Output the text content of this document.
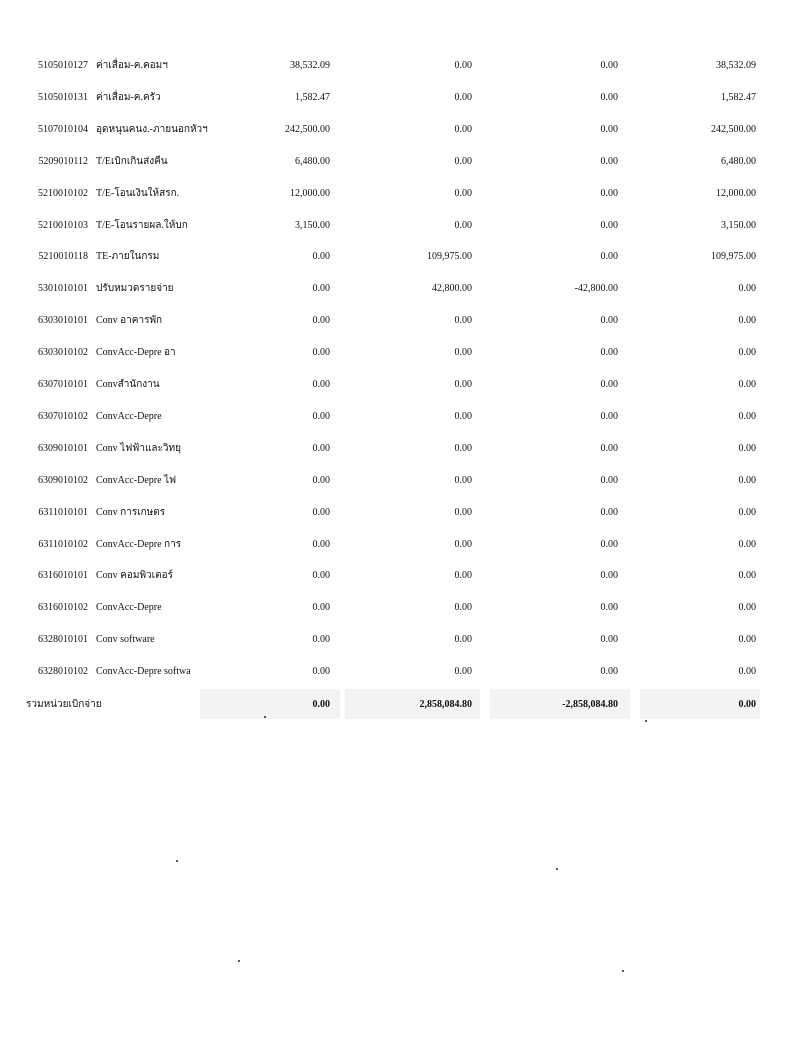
5105010127 ค่าเสื่อม-ค.คอมฯ	38,532.09	0.00	0.00	38,532.09
5105010131 ค่าเสื่อม-ค.ครัว	1,582.47	0.00	0.00	1,582.47
5107010104 อุดหนุนคนง.-ภายนอกหัวฯ	242,500.00	0.00	0.00	242,500.00
5209010112 T/Eเบิกเกินส่งคืน	6,480.00	0.00	0.00	6,480.00
5210010102 T/E-โอนเงินให้สรก.	12,000.00	0.00	0.00	12,000.00
5210010103 T/E-โอนรายผล.ให้บก	3,150.00	0.00	0.00	3,150.00
5210010118 TE-ภายในกรม	0.00	109,975.00	0.00	109,975.00
5301010101 ปรับหมวดรายจ่าย	0.00	42,800.00	-42,800.00	0.00
6303010101 Conv อาคารพัก	0.00	0.00	0.00	0.00
6303010102 ConvAcc-Depre อา	0.00	0.00	0.00	0.00
6307010101 Convสำนักงาน	0.00	0.00	0.00	0.00
6307010102 ConvAcc-Depre	0.00	0.00	0.00	0.00
6309010101 Conv ไฟฟ้าและวิทยุ	0.00	0.00	0.00	0.00
6309010102 ConvAcc-Depre ไฟ	0.00	0.00	0.00	0.00
6311010101 Conv การเกษตร	0.00	0.00	0.00	0.00
6311010102 ConvAcc-Depre การ	0.00	0.00	0.00	0.00
6316010101 Conv คอมพิวเตอร์	0.00	0.00	0.00	0.00
6316010102 ConvAcc-Depre	0.00	0.00	0.00	0.00
6328010101 Conv software	0.00	0.00	0.00	0.00
6328010102 ConvAcc-Depre softwa	0.00	0.00	0.00	0.00
รวมหน่วยเบิกจ่าย	0.00	2,858,084.80	-2,858,084.80	0.00
